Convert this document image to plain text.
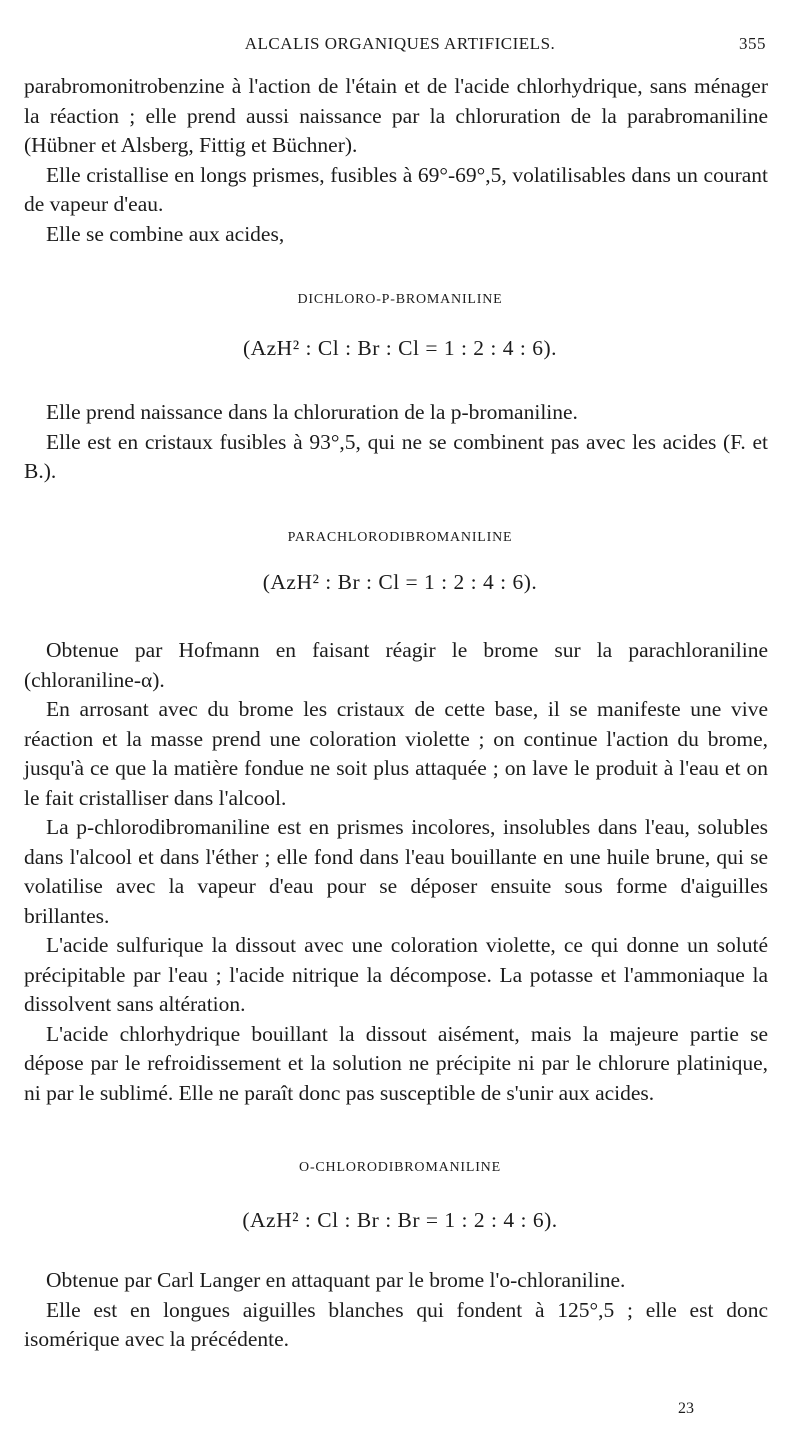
ALCALIS ORGANIQUES ARTIFICIELS.	355

parabromonitrobenzine à l'action de l'étain et de l'acide chlorhydrique, sans ménager la réaction ; elle prend aussi naissance par la chloruration de la parabromaniline (Hübner et Alsberg, Fittig et Büchner).

Elle cristallise en longs prismes, fusibles à 69°-69°,5, volatilisables dans un courant de vapeur d'eau.

Elle se combine aux acides,

DICHLORO-P-BROMANILINE
(AzH² : Cl : Br : Cl = 1 : 2 : 4 : 6).

Elle prend naissance dans la chloruration de la p-bromaniline.

Elle est en cristaux fusibles à 93°,5, qui ne se combinent pas avec les acides (F. et B.).

PARACHLORODIBROMANILINE
(AzH² : Br : Cl = 1 : 2 : 4 : 6).

Obtenue par Hofmann en faisant réagir le brome sur la parachloraniline (chloraniline-α).

En arrosant avec du brome les cristaux de cette base, il se manifeste une vive réaction et la masse prend une coloration violette ; on continue l'action du brome, jusqu'à ce que la matière fondue ne soit plus attaquée ; on lave le produit à l'eau et on le fait cristalliser dans l'alcool.

La p-chlorodibromaniline est en prismes incolores, insolubles dans l'eau, solubles dans l'alcool et dans l'éther ; elle fond dans l'eau bouillante en une huile brune, qui se volatilise avec la vapeur d'eau pour se déposer ensuite sous forme d'aiguilles brillantes.

L'acide sulfurique la dissout avec une coloration violette, ce qui donne un soluté précipitable par l'eau ; l'acide nitrique la décompose. La potasse et l'ammoniaque la dissolvent sans altération.

L'acide chlorhydrique bouillant la dissout aisément, mais la majeure partie se dépose par le refroidissement et la solution ne précipite ni par le chlorure platinique, ni par le sublimé. Elle ne paraît donc pas susceptible de s'unir aux acides.

O-CHLORODIBROMANILINE
(AzH² : Cl : Br : Br = 1 : 2 : 4 : 6).

Obtenue par Carl Langer en attaquant par le brome l'o-chloraniline.

Elle est en longues aiguilles blanches qui fondent à 125°,5 ; elle est donc isomérique avec la précédente.

23
